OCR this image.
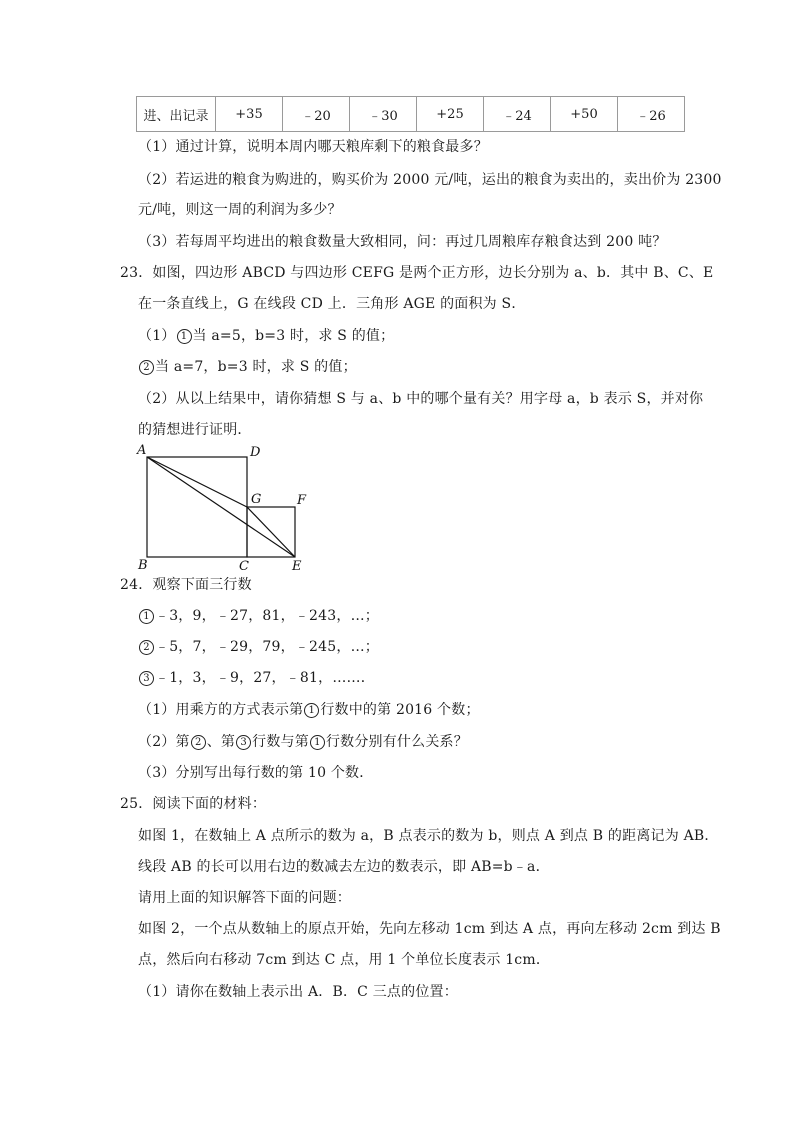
进、出记录	+35	﹣20	﹣30	+25	﹣24	+50	﹣26
（1）通过计算，说明本周内哪天粮库剩下的粮食最多？
（2）若运进的粮食为购进的，购买价为 2000 元/吨，运出的粮食为卖出的，卖出价为 2300
元/吨，则这一周的利润为多少？
（3）若每周平均进出的粮食数量大致相同，问：再过几周粮库存粮食达到 200 吨？
23．如图，四边形 ABCD 与四边形 CEFG 是两个正方形，边长分别为 a、b．其中 B、C、E
在一条直线上，G 在线段 CD 上．三角形 AGE 的面积为 S．
（1） 1 当 a=5，b=3 时，求 S 的值；
2 当 a=7，b=3 时，求 S 的值；
（2）从以上结果中，请你猜想 S 与 a、b 中的哪个量有关？用字母 a，b 表示 S，并对你
的猜想进行证明．
A	D
G	F
B	C	E
24．观察下面三行数
1 ﹣3，9，﹣27，81，﹣243，…；
2 ﹣5，7，﹣29，79，﹣245，…；
3 ﹣1，3，﹣9，27，﹣81，……．
（1）用乘方的方式表示第 1 行数中的第 2016 个数；
（2）第 2 、第 3 行数与第 1 行数分别有什么关系？
（3）分别写出每行数的第 10 个数．
25．阅读下面的材料：
如图 1，在数轴上 A 点所示的数为 a，B 点表示的数为 b，则点 A 到点 B 的距离记为 AB．
线段 AB 的长可以用右边的数减去左边的数表示，即 AB=b﹣a．
请用上面的知识解答下面的问题：
如图 2，一个点从数轴上的原点开始，先向左移动 1cm 到达 A 点，再向左移动 2cm 到达 B
点，然后向右移动 7cm 到达 C 点，用 1 个单位长度表示 1cm．
（1）请你在数轴上表示出 A．B．C 三点的位置：
